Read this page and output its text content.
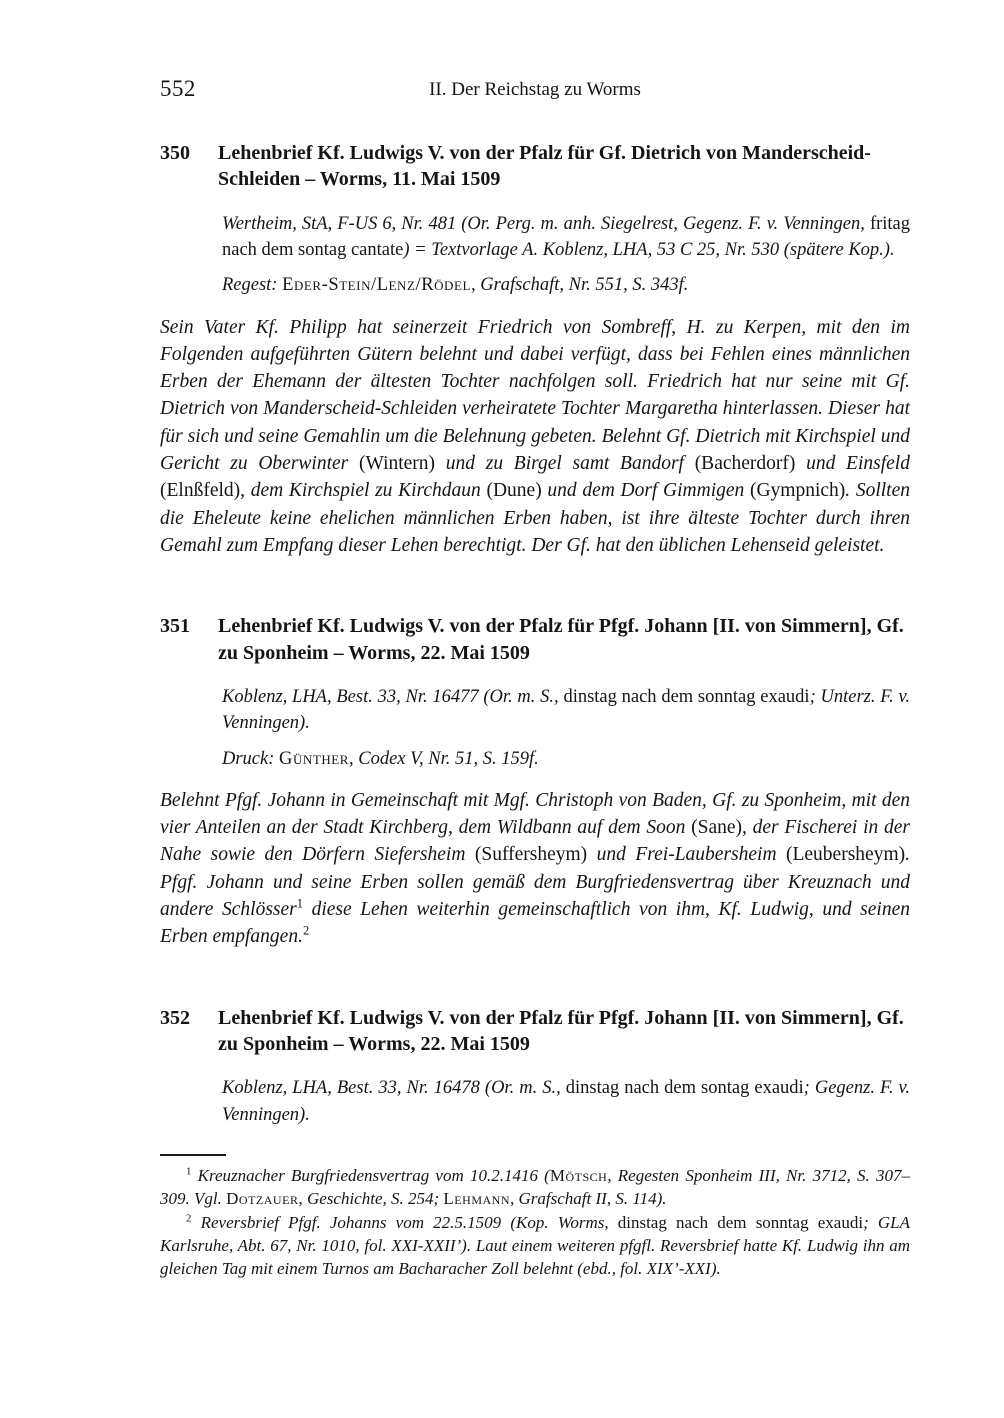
552	II. Der Reichstag zu Worms
350	Lehenbrief Kf. Ludwigs V. von der Pfalz für Gf. Dietrich von Manderscheid-Schleiden – Worms, 11. Mai 1509

Wertheim, StA, F-US 6, Nr. 481 (Or. Perg. m. anh. Siegelrest, Gegenz. F. v. Venningen, fritag nach dem sontag cantate) = Textvorlage A. Koblenz, LHA, 53 C 25, Nr. 530 (spätere Kop.).

Regest: Eder-Stein/Lenz/Rödel, Grafschaft, Nr. 551, S. 343f.

Sein Vater Kf. Philipp hat seinerzeit Friedrich von Sombreff, H. zu Kerpen, mit den im Folgenden aufgeführten Gütern belehnt und dabei verfügt, dass bei Fehlen eines männlichen Erben der Ehemann der ältesten Tochter nachfolgen soll. Friedrich hat nur seine mit Gf. Dietrich von Manderscheid-Schleiden verheiratete Tochter Margaretha hinterlassen. Dieser hat für sich und seine Gemahlin um die Belehnung gebeten. Belehnt Gf. Dietrich mit Kirchspiel und Gericht zu Oberwinter (Wintern) und zu Birgel samt Bandorf (Bacherdorf) und Einsfeld (Elnßfeld), dem Kirchspiel zu Kirchdaun (Dune) und dem Dorf Gimmigen (Gympnich). Sollten die Eheleute keine ehelichen männlichen Erben haben, ist ihre älteste Tochter durch ihren Gemahl zum Empfang dieser Lehen berechtigt. Der Gf. hat den üblichen Lehenseid geleistet.

351	Lehenbrief Kf. Ludwigs V. von der Pfalz für Pfgf. Johann [II. von Simmern], Gf. zu Sponheim – Worms, 22. Mai 1509

Koblenz, LHA, Best. 33, Nr. 16477 (Or. m. S., dinstag nach dem sonntag exaudi; Unterz. F. v. Venningen).

Druck: Günther, Codex V, Nr. 51, S. 159f.

Belehnt Pfgf. Johann in Gemeinschaft mit Mgf. Christoph von Baden, Gf. zu Sponheim, mit den vier Anteilen an der Stadt Kirchberg, dem Wildbann auf dem Soon (Sane), der Fischerei in der Nahe sowie den Dörfern Siefersheim (Suffersheym) und Frei-Laubersheim (Leubersheym). Pfgf. Johann und seine Erben sollen gemäß dem Burgfriedensvertrag über Kreuznach und andere Schlösser$^1$ diese Lehen weiterhin gemeinschaftlich von ihm, Kf. Ludwig, und seinen Erben empfangen.$^2$

352	Lehenbrief Kf. Ludwigs V. von der Pfalz für Pfgf. Johann [II. von Simmern], Gf. zu Sponheim – Worms, 22. Mai 1509

Koblenz, LHA, Best. 33, Nr. 16478 (Or. m. S., dinstag nach dem sontag exaudi; Gegenz. F. v. Venningen).

$^1$ Kreuznacher Burgfriedensvertrag vom 10.2.1416 (Mötsch, Regesten Sponheim III, Nr. 3712, S. 307–309. Vgl. Dotzauer, Geschichte, S. 254; Lehmann, Grafschaft II, S. 114).

$^2$ Reversbrief Pfgf. Johanns vom 22.5.1509 (Kop. Worms, dinstag nach dem sonntag exaudi; GLA Karlsruhe, Abt. 67, Nr. 1010, fol. XXI-XXII’). Laut einem weiteren pfgfl. Reversbrief hatte Kf. Ludwig ihn am gleichen Tag mit einem Turnos am Bacharacher Zoll belehnt (ebd., fol. XIX’-XXI).
